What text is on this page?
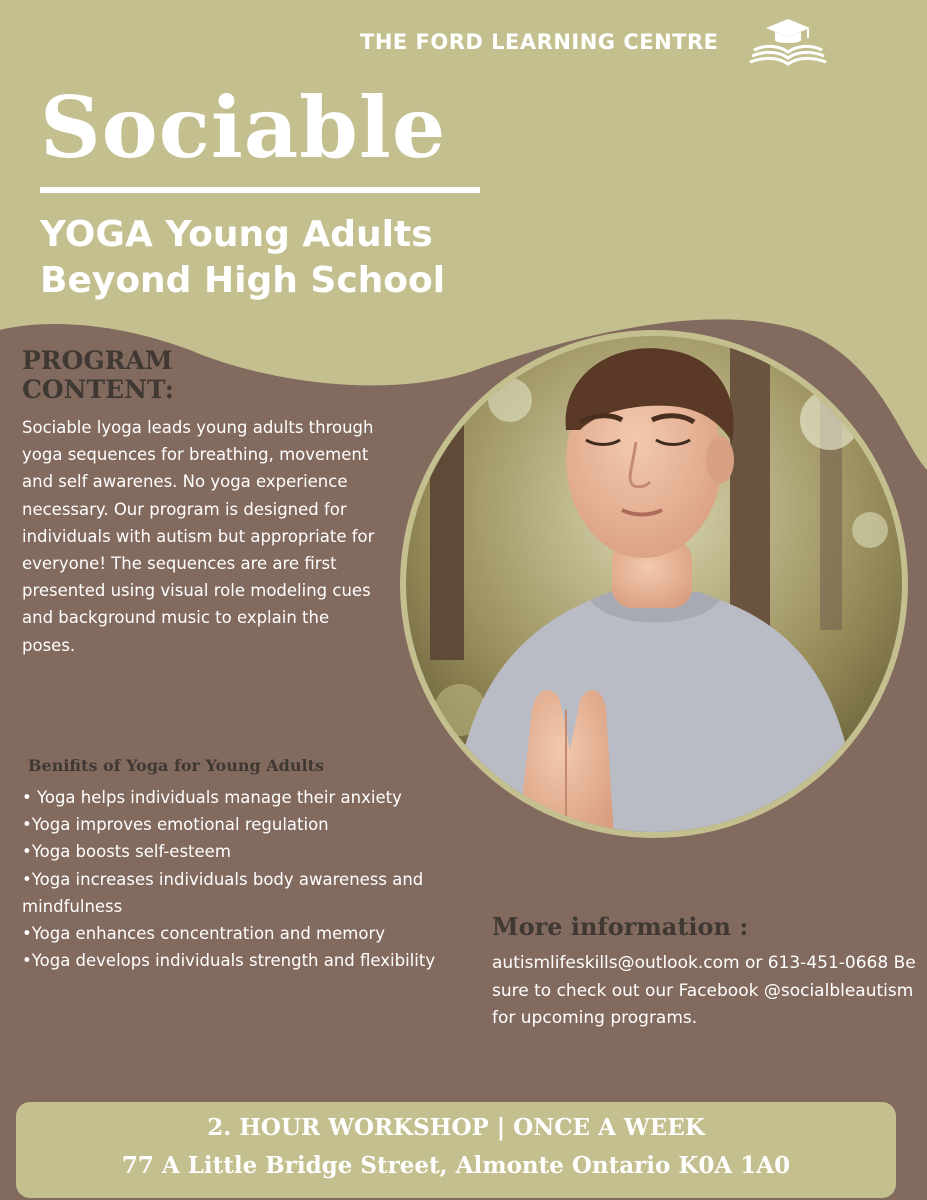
THE FORD LEARNING CENTRE
Sociable
YOGA Young Adults
Beyond High School
PROGRAM
CONTENT:
Sociable lyoga leads young adults through yoga sequences for breathing, movement and self awarenes. No yoga experience necessary. Our program is designed for individuals with autism but appropriate for everyone! The sequences are are first presented using visual role modeling cues and background music to explain the poses.
Benifits of Yoga for Young Adults
• Yoga helps individuals manage their anxiety
•Yoga improves emotional regulation
•Yoga boosts self-esteem
•Yoga increases individuals body awareness and mindfulness
•Yoga enhances concentration and memory
•Yoga develops individuals strength and flexibility
More information :
autismlifeskills@outlook.com or 613-451-0668 Be sure to check out our Facebook @socialbleautism for upcoming programs.
2. HOUR WORKSHOP | ONCE A WEEK
77 A Little Bridge Street, Almonte Ontario K0A 1A0
